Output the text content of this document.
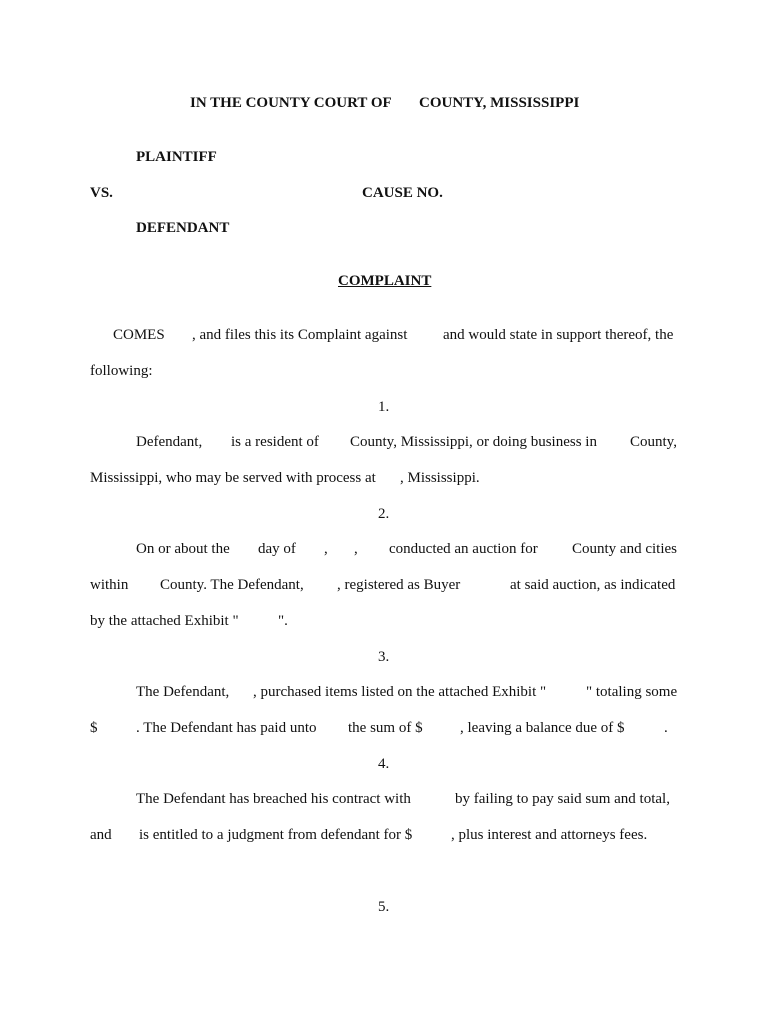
IN THE COUNTY COURT OF COUNTY, MISSISSIPPI
PLAINTIFF
VS.	CAUSE NO.
DEFENDANT
COMPLAINT
COMES , and files this its Complaint against and would state in support thereof, the
following:
1.
Defendant, is a resident of County, Mississippi, or doing business in County,
Mississippi, who may be served with process at , Mississippi.
2.
On or about the day of , , conducted an auction for County and cities
within County. The Defendant, , registered as Buyer	at said auction, as indicated
by the attached Exhibit "	".
3.
The Defendant, , purchased items listed on the attached Exhibit "	" totaling some
$	. The Defendant has paid unto the sum of $ , leaving a balance due of $	.
4.
The Defendant has breached his contract with	by failing to pay said sum and total,
and is entitled to a judgment from defendant for $	, plus interest and attorneys fees.
5.
